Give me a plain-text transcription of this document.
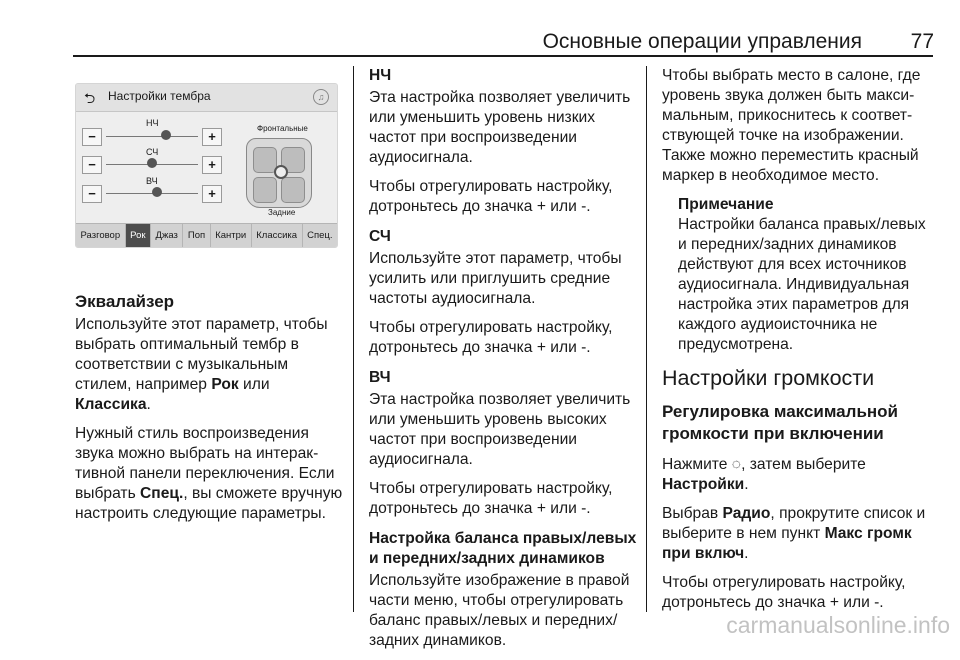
Основные операции управления 77
⮌ Настройки тембра	♫
НЧ
−	+
СЧ
−	+
ВЧ
−	+
Фронтальные
Задние
Разговор	Рок	Джаз	Поп	Кантри	Классика	Спец.
Эквалайзер

Используйте этот параметр, чтобы выбрать оптимальный тембр в соответствии с музыкальным стилем, например Рок или Классика.

Нужный стиль воспроизведения звука можно выбрать на интерактивной панели переключения. Если выбрать Спец., вы сможете вручную настроить следующие параметры.

НЧ

Эта настройка позволяет увеличить или уменьшить уровень низких частот при воспроизведении аудиосигнала.

Чтобы отрегулировать настройку, дотроньтесь до значка + или -.

СЧ

Используйте этот параметр, чтобы усилить или приглушить средние частоты аудиосигнала.

Чтобы отрегулировать настройку, дотроньтесь до значка + или -.

ВЧ

Эта настройка позволяет увеличить или уменьшить уровень высоких частот при воспроизведении аудиосигнала.

Чтобы отрегулировать настройку, дотроньтесь до значка + или -.

Настройка баланса правых/левых и передних/задних динамиков

Используйте изображение в правой части меню, чтобы отрегулировать баланс правых/левых и передних/задних динамиков.

Чтобы выбрать место в салоне, где уровень звука должен быть максимальным, прикоснитесь к соответствующей точке на изображении. Также можно переместить красный маркер в необходимое место.

Примечание
Настройки баланса правых/левых и передних/задних динамиков действуют для всех источников аудиосигнала. Индивидуальная настройка этих параметров для каждого аудиоисточника не предусмотрена.
Настройки громкости
Регулировка максимальной громкости при включении

Нажмите ◌, затем выберите Настройки.

Выбрав Радио, прокрутите список и выберите в нем пункт Макс громк при включ.

Чтобы отрегулировать настройку, дотроньтесь до значка + или -.

carmanualsonline.info
